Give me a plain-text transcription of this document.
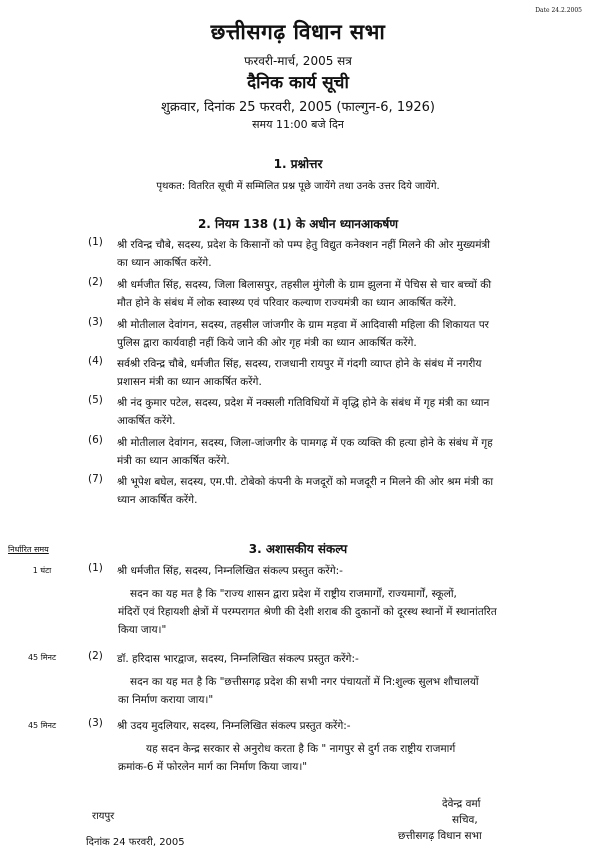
Date 24.2.2005
छत्तीसगढ़ विधान सभा
फरवरी-मार्च, 2005 सत्र
दैनिक कार्य सूची
शुक्रवार, दिनांक 25 फरवरी, 2005 (फाल्गुन-6, 1926)
समय 11:00 बजे दिन
1. प्रश्नोत्तर
पृथकत: वितरित सूची में सम्मिलित प्रश्न पूछे जायेंगे तथा उनके उत्तर दिये जायेंगे.
2. नियम 138 (1) के अधीन ध्यानआकर्षण
(1)	श्री रविन्द्र चौबे, सदस्य, प्रदेश के किसानों को पम्प हेतु विद्युत कनेक्शन नहीं मिलने की ओर मुख्यमंत्री
का ध्यान आकर्षित करेंगे.
(2)	श्री धर्मजीत सिंह, सदस्य, जिला बिलासपुर, तहसील मुंगेली के ग्राम झुलना में पेचिस से चार बच्चों की
मौत होने के संबंध में लोक स्वास्थ्य एवं परिवार कल्याण राज्यमंत्री का ध्यान आकर्षित करेंगे.
(3)	श्री मोतीलाल देवांगन, सदस्य, तहसील जांजगीर के ग्राम मड़वा में आदिवासी महिला की शिकायत पर
पुलिस द्वारा कार्यवाही नहीं किये जाने की ओर गृह मंत्री का ध्यान आकर्षित करेंगे.
(4)	सर्वश्री रविन्द्र चौबे, धर्मजीत सिंह, सदस्य, राजधानी रायपुर में गंदगी व्याप्त होने के संबंध में नगरीय
प्रशासन मंत्री का ध्यान आकर्षित करेंगे.
(5)	श्री नंद कुमार पटेल, सदस्य, प्रदेश में नक्सली गतिविधियों में वृद्धि होने के संबंध में गृह मंत्री का ध्यान
आकर्षित करेंगे.
(6)	श्री मोतीलाल देवांगन, सदस्य, जिला-जांजगीर के पामगढ़ में एक व्यक्ति की हत्या होने के संबंध में गृह
मंत्री का ध्यान आकर्षित करेंगे.
(7)	श्री भूपेश बघेल, सदस्य, एम.पी. टोबेको कंपनी के मजदूरों को मजदूरी न मिलने की ओर श्रम मंत्री का
ध्यान आकर्षित करेंगे.
निर्धारित समय	3. अशासकीय संकल्प
1 घंटा	(1)	श्री धर्मजीत सिंह, सदस्य, निम्नलिखित संकल्प प्रस्तुत करेंगे:-
सदन का यह मत है कि "राज्य शासन द्वारा प्रदेश में राष्ट्रीय राजमार्गों, राज्यमार्गों, स्कूलों,
मंदिरों एवं रिहायशी क्षेत्रों में परम्परागत श्रेणी की देशी शराब की दुकानों को दूरस्थ स्थानों में स्थानांतरित
किया जाय।"
45 मिनट	(2)	डॉ. हरिदास भारद्वाज, सदस्य, निम्नलिखित संकल्प प्रस्तुत करेंगे:-
सदन का यह मत है कि "छत्तीसगढ़ प्रदेश की सभी नगर पंचायतों में नि:शुल्क सुलभ शौचालयों
का निर्माण कराया जाय।"
45 मिनट	(3)	श्री उदय मुदलियार, सदस्य, निम्नलिखित संकल्प प्रस्तुत करेंगे:-
यह सदन केन्द्र सरकार से अनुरोध करता है कि " नागपुर से दुर्ग तक राष्ट्रीय राजमार्ग
क्रमांक-6 में फोरलेन मार्ग का निर्माण किया जाय।"
देवेन्द्र वर्मा
रायपुर	सचिव,
छत्तीसगढ़ विधान सभा
दिनांक 24 फरवरी, 2005
